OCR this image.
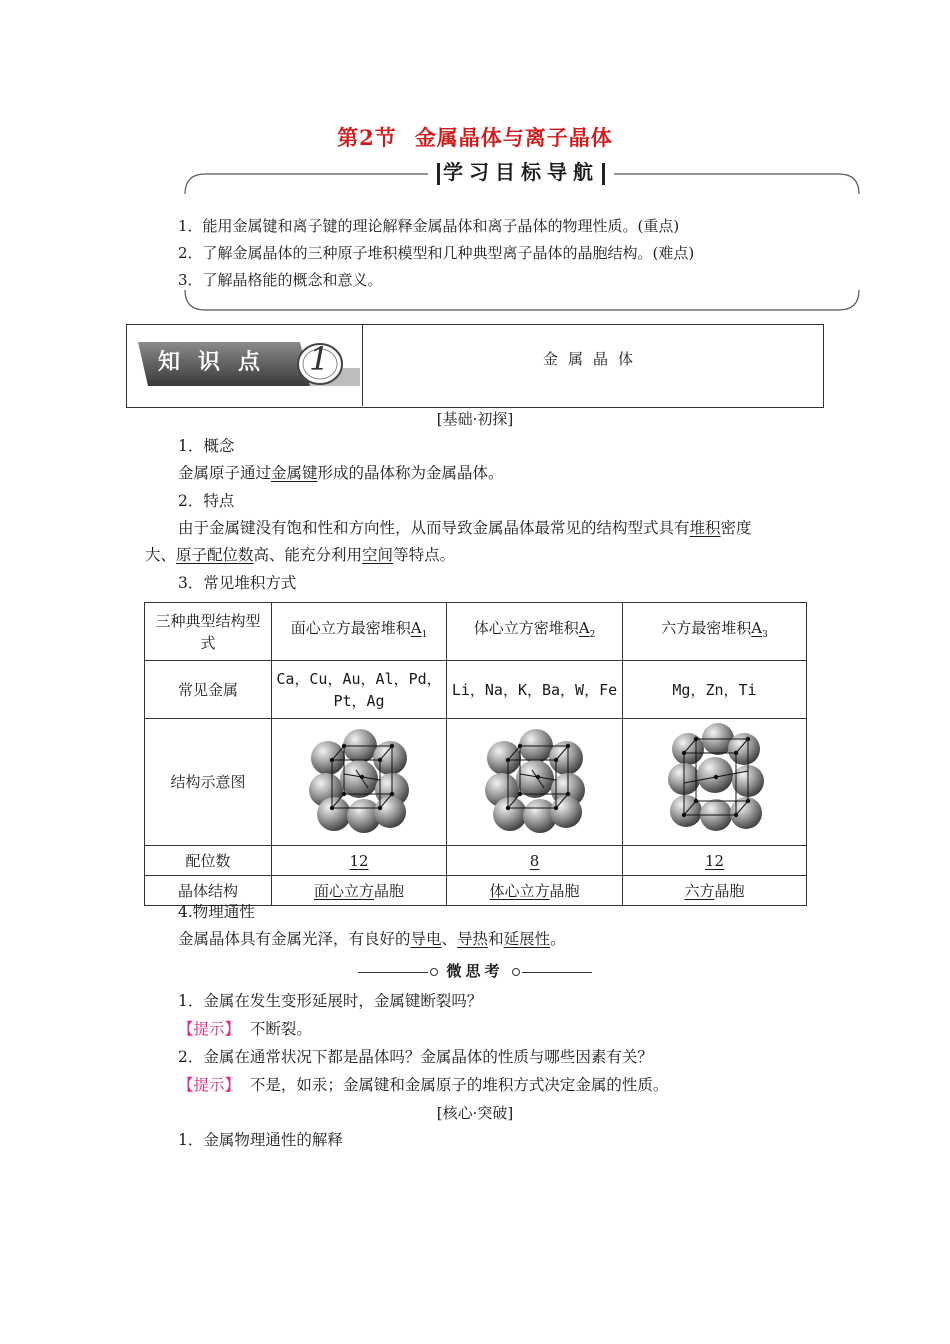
第2节 金属晶体与离子晶体
学习目标导航
1．能用金属键和离子键的理论解释金属晶体和离子晶体的物理性质。(重点)
2．了解金属晶体的三种原子堆积模型和几种典型离子晶体的晶胞结构。(难点)
3．了解晶格能的概念和意义。
知识点 1	金属晶体
[基础·初探]
1．概念
金属原子通过金属键形成的晶体称为金属晶体。
2．特点
由于金属键没有饱和性和方向性，从而导致金属晶体最常见的结构型式具有堆积密度
大、原子配位数高、能充分利用空间等特点。
3．常见堆积方式
三种典型结构型式	面心立方最密堆积$A_1$	体心立方密堆积$A_2$	六方最密堆积$A_3$
常见金属	Ca，Cu，Au，Al，Pd，Pt，Ag	Li，Na，K，Ba，W，Fe	Mg，Zn，Ti
结构示意图			
配位数	12	8	12
晶体结构	面心立方晶胞	体心立方晶胞	六方晶胞
4.物理通性
金属晶体具有金属光泽，有良好的导电、导热和延展性。
微思考
1．金属在发生变形延展时，金属键断裂吗？
【提示】 不断裂。
2．金属在通常状况下都是晶体吗？金属晶体的性质与哪些因素有关？
【提示】 不是，如汞；金属键和金属原子的堆积方式决定金属的性质。
[核心·突破]
1．金属物理通性的解释
